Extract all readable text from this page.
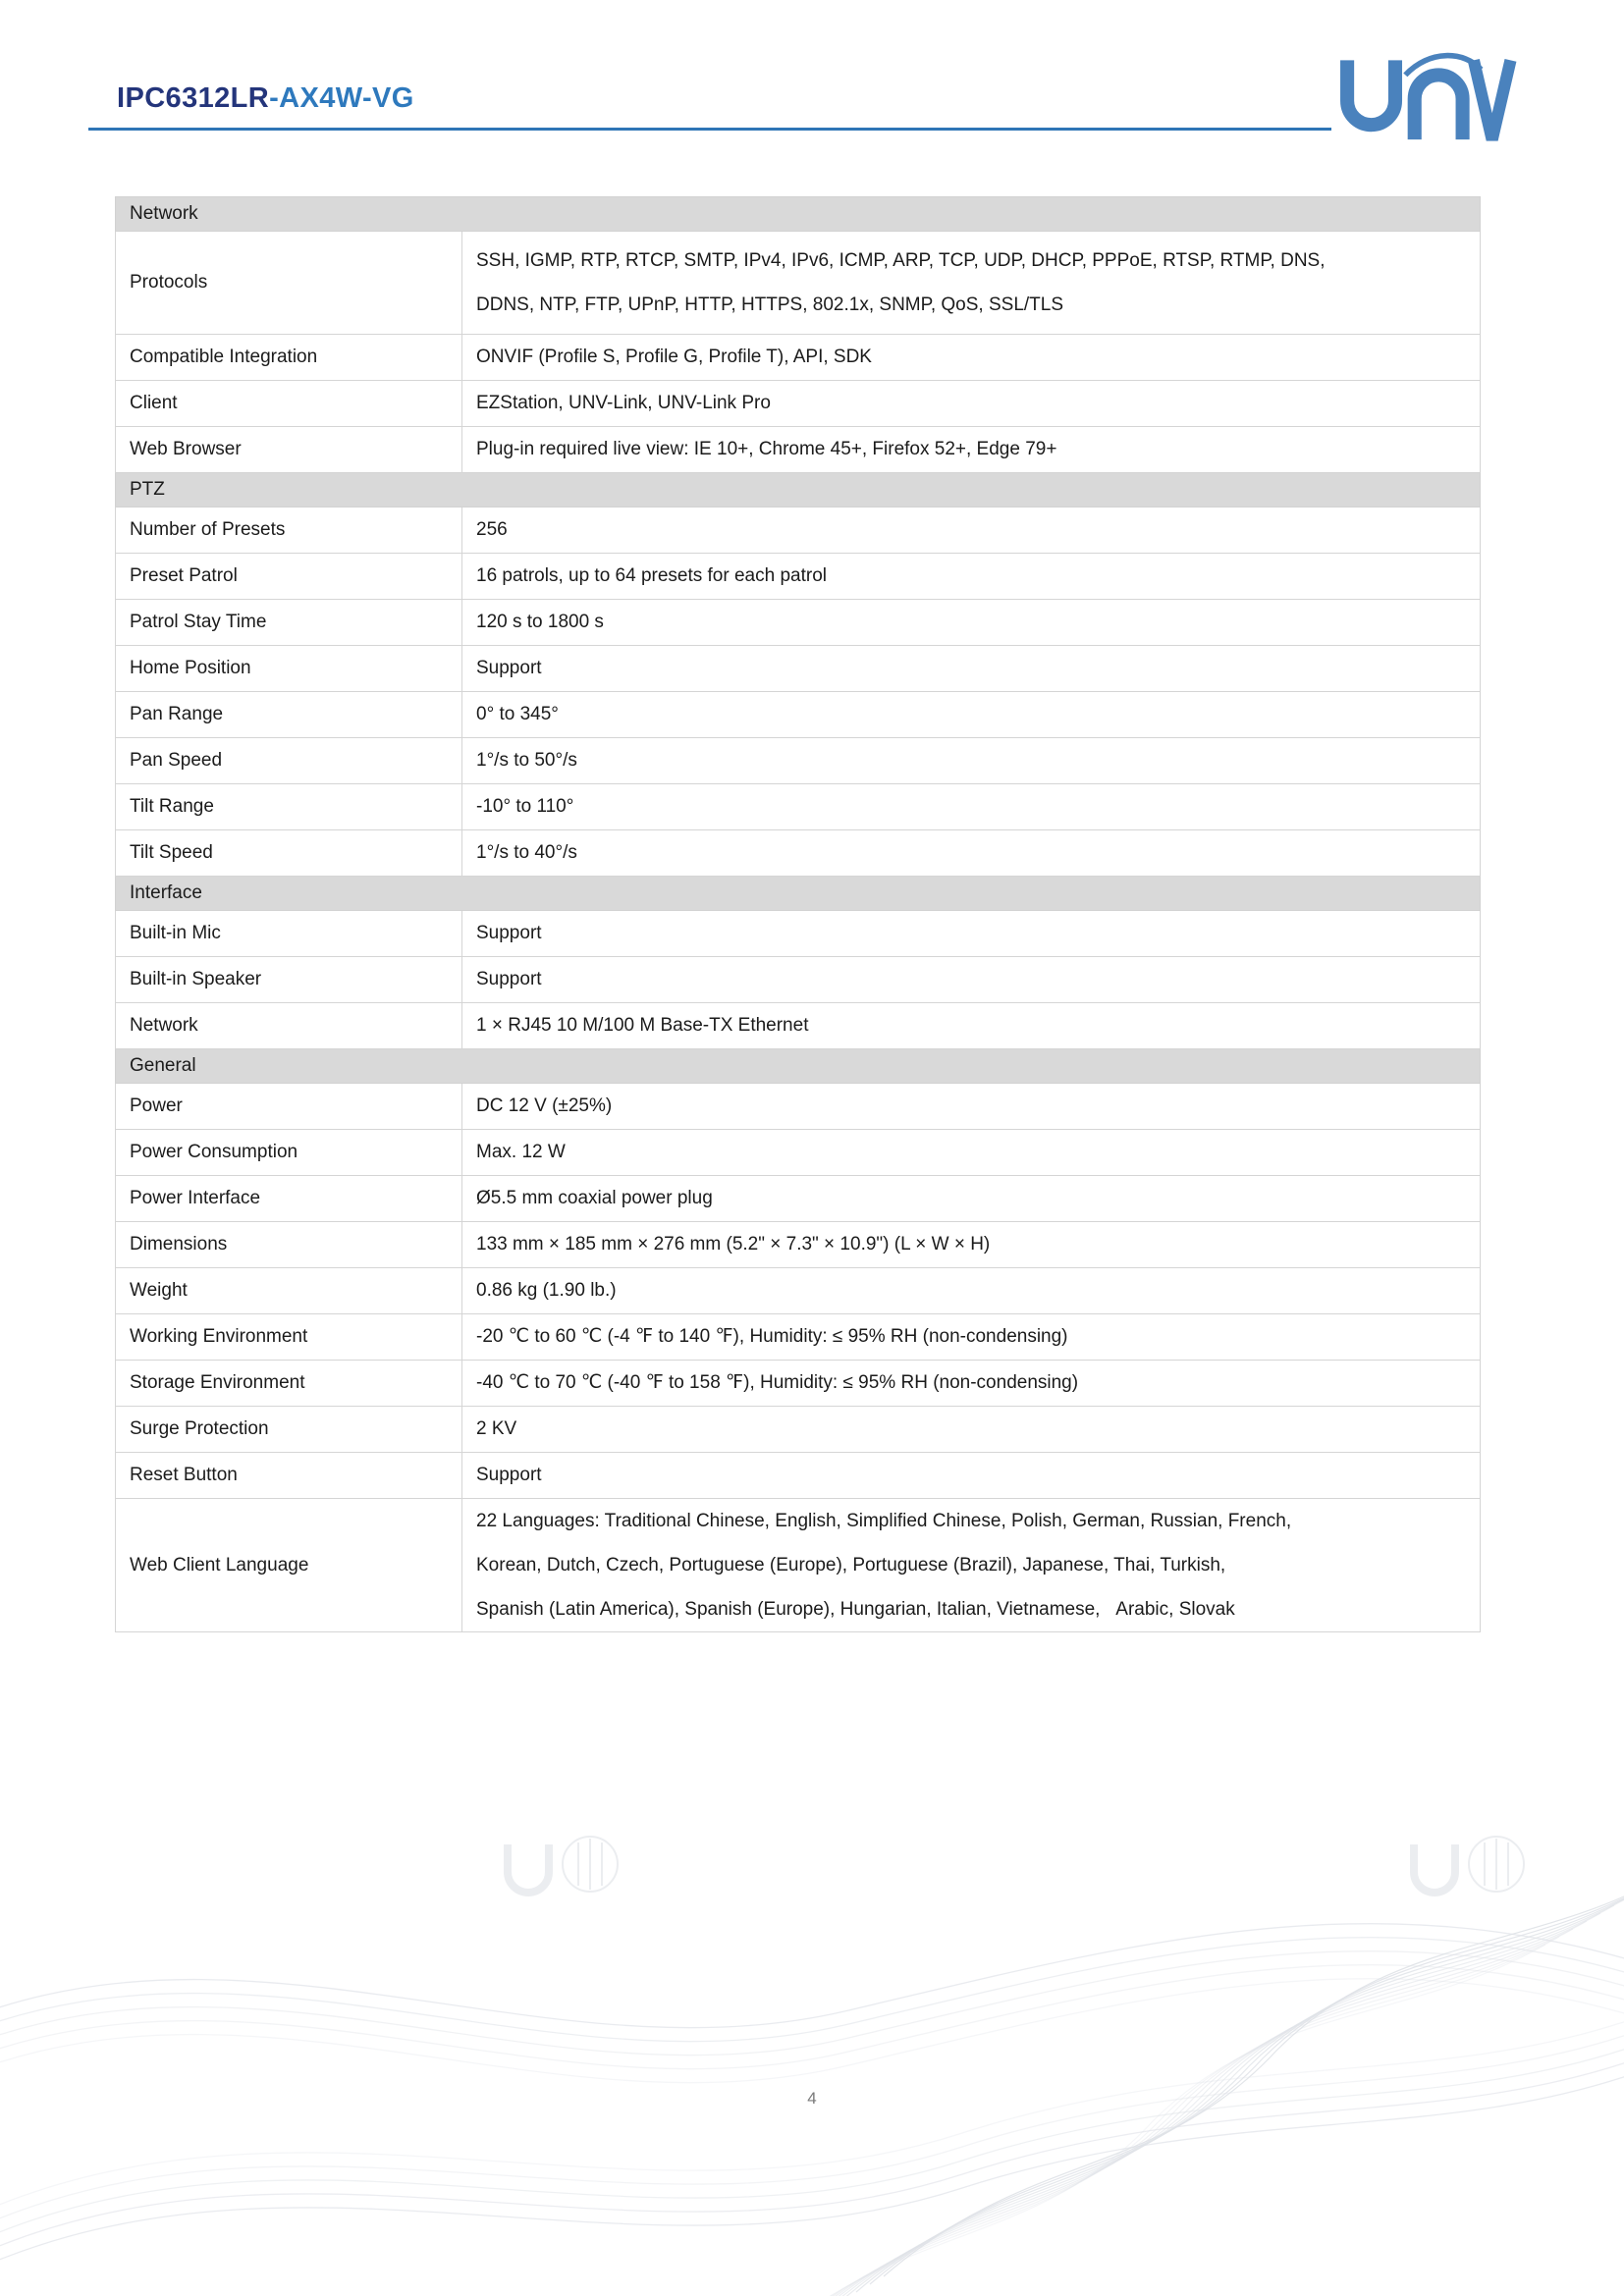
IPC6312LR-AX4W-VG
Network	
Protocols	SSH, IGMP, RTP, RTCP, SMTP, IPv4, IPv6, ICMP, ARP, TCP, UDP, DHCP, PPPoE, RTSP, RTMP, DNS,
DDNS, NTP, FTP, UPnP, HTTP, HTTPS, 802.1x, SNMP, QoS, SSL/TLS

Compatible Integration	ONVIF (Profile S, Profile G, Profile T), API, SDK
Client	EZStation, UNV-Link, UNV-Link Pro
Web Browser	Plug-in required live view: IE 10+, Chrome 45+, Firefox 52+, Edge 79+
PTZ	
Number of Presets	256
Preset Patrol	16 patrols, up to 64 presets for each patrol
Patrol Stay Time	120 s to 1800 s
Home Position	Support
Pan Range	0° to 345°
Pan Speed	1°/s to 50°/s
Tilt Range	-10° to 110°
Tilt Speed	1°/s to 40°/s
Interface	
Built-in Mic	Support
Built-in Speaker	Support
Network	1 × RJ45 10 M/100 M Base-TX Ethernet
General	
Power	DC 12 V (±25%)
Power Consumption	Max. 12 W
Power Interface	Ø5.5 mm coaxial power plug
Dimensions	133 mm × 185 mm × 276 mm (5.2" × 7.3" × 10.9") (L × W × H)
Weight	0.86 kg (1.90 lb.)
Working Environment	-20 ℃ to 60 ℃ (-4 ℉ to 140 ℉), Humidity: ≤ 95% RH (non-condensing)
Storage Environment	-40 ℃ to 70 ℃ (-40 ℉ to 158 ℉), Humidity: ≤ 95% RH (non-condensing)
Surge Protection	2 KV
Reset Button	Support
Web Client Language	22 Languages: Traditional Chinese, English, Simplified Chinese, Polish, German, Russian, French,
Korean, Dutch, Czech, Portuguese (Europe), Portuguese (Brazil), Japanese, Thai, Turkish,
Spanish (Latin America), Spanish (Europe), Hungarian, Italian, Vietnamese,   Arabic, Slovak
4
